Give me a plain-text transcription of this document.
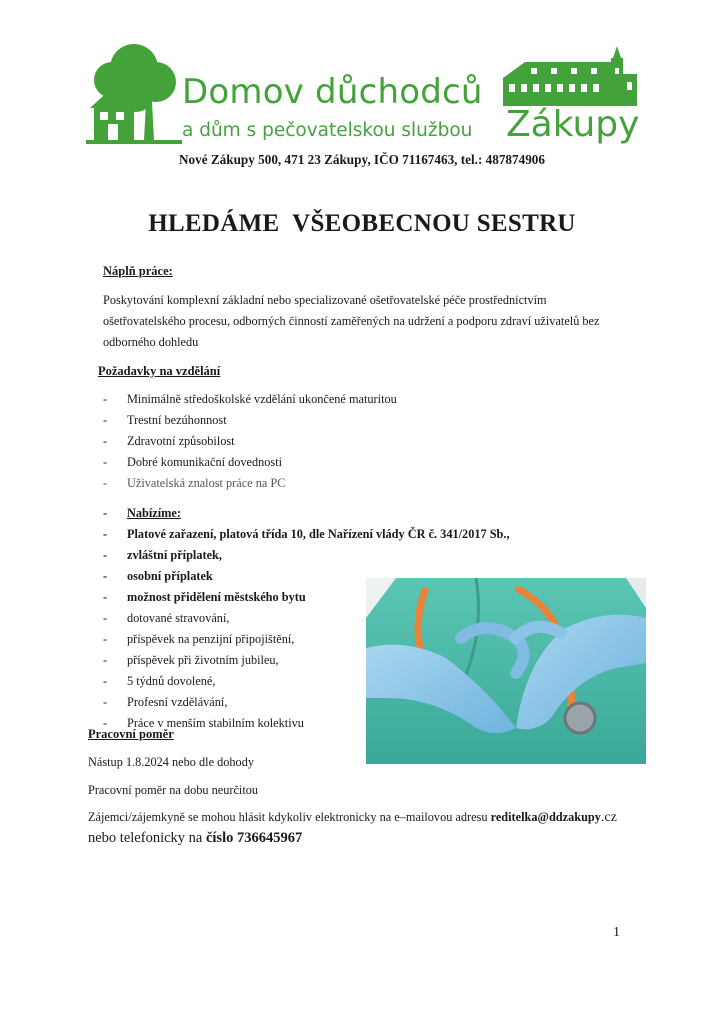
Domov důchodců
a dům s pečovatelskou službou Zákupy
Nové Zákupy 500, 471 23 Zákupy, IČO 71167463, tel.: 487874906
HLEDÁME  VŠEOBECNOU SESTRU
Náplň práce:
Poskytování komplexní základní nebo specializované ošetřovatelské péče prostřednictvím
ošetřovatelského procesu, odborných činností zaměřených na udržení a podporu zdraví uživatelů bez
odborného dohledu
Požadavky na vzdělání
- Minimálně středoškolské vzdělání ukončené maturitou
- Trestní bezúhonnost
- Zdravotní způsobilost
- Dobré komunikační dovednosti
- Uživatelská znalost práce na PC
- Nabízíme:
- Platové zařazení, platová třída 10, dle Nařízení vlády ČR č. 341/2017 Sb.,
- zvláštní příplatek,
- osobní příplatek
- možnost přidělení městského bytu
- dotované stravování,
- příspěvek na penzijní připojištění,
- příspěvek při životním jubileu,
- 5 týdnů dovolené,
- Profesní vzdělávání,
- Práce v menším stabilním kolektivu
Pracovní poměr
Nástup 1.8.2024 nebo dle dohody
Pracovní poměr na dobu neurčitou
Zájemci/zájemkyně se mohou hlásit kdykoliv elektronicky na e–mailovou adresu reditelka@ddzakupy.cz
nebo telefonicky na číslo 736645967
1
